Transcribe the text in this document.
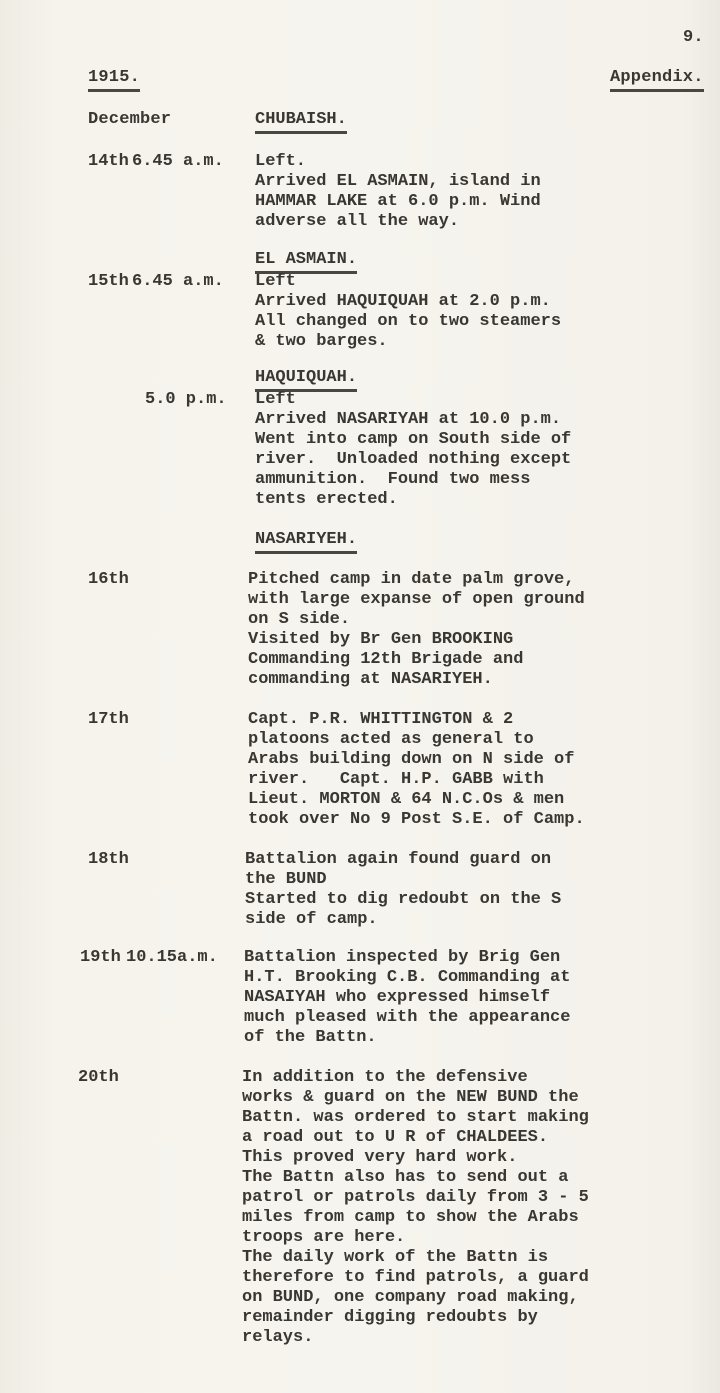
9.
1915.	Appendix.
December	CHUBAISH.
14th 6.45 a.m. Left.
Arrived EL ASMAIN, island in
HAMMAR LAKE at 6.0 p.m. Wind
adverse all the way.
EL ASMAIN.
15th 6.45 a.m. Left
Arrived HAQUIQUAH at 2.0 p.m.
All changed on to two steamers
& two barges.
HAQUIQUAH.
5.0 p.m. Left
Arrived NASARIYAH at 10.0 p.m.
Went into camp on South side of
river.  Unloaded nothing except
ammunition.  Found two mess
tents erected.
NASARIYEH.
16th	Pitched camp in date palm grove,
with large expanse of open ground
on S side.
Visited by Br Gen BROOKING
Commanding 12th Brigade and
commanding at NASARIYEH.
17th	Capt. P.R. WHITTINGTON & 2
platoons acted as general to
Arabs building down on N side of
river.   Capt. H.P. GABB with
Lieut. MORTON & 64 N.C.Os & men
took over No 9 Post S.E. of Camp.
18th	Battalion again found guard on
the BUND
Started to dig redoubt on the S
side of camp.
19th 10.15a.m. Battalion inspected by Brig Gen
H.T. Brooking C.B. Commanding at
NASAIYAH who expressed himself
much pleased with the appearance
of the Battn.
20th	In addition to the defensive
works & guard on the NEW BUND the
Battn. was ordered to start making
a road out to U R of CHALDEES.
This proved very hard work.
The Battn also has to send out a
patrol or patrols daily from 3 - 5
miles from camp to show the Arabs
troops are here.
The daily work of the Battn is
therefore to find patrols, a guard
on BUND, one company road making,
remainder digging redoubts by
relays.
